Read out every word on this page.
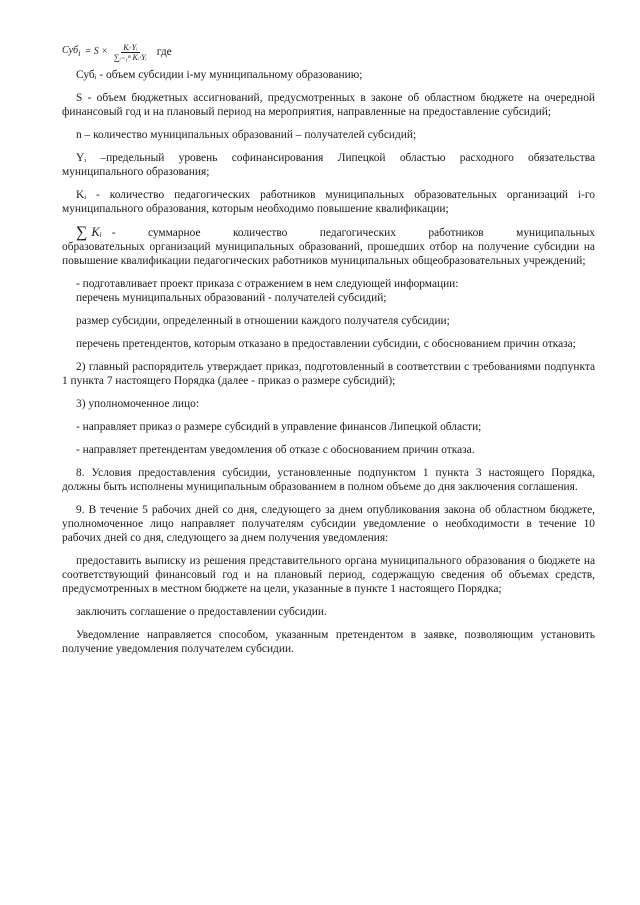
$Суб_i = S \times \frac{\text{Kᵢ·Yᵢ}}{\text{∑ᵢ₌₁ⁿ Kᵢ·Yᵢ}}$ где

Субᵢ - объем субсидии i-му муниципальному образованию;

S - объем бюджетных ассигнований, предусмотренных в законе об областном бюджете на очередной финансовый год и на плановый период на мероприятия, направленные на предоставление субсидий;

n – количество муниципальных образований – получателей субсидий;

Yᵢ –предельный уровень софинансирования Липецкой областью расходного обязательства муниципального образования;

Kᵢ - количество педагогических работников муниципальных образовательных организаций i-го муниципального образования, которым необходимо повышение квалификации;

∑ Kᵢ - суммарное количество педагогических работников муниципальных

образовательных организаций муниципальных образований, прошедших отбор на получение субсидии на повышение квалификации педагогических работников муниципальных общеобразовательных учреждений;

- подготавливает проект приказа с отражением в нем следующей информации:

перечень муниципальных образований - получателей субсидий;

размер субсидии, определенный в отношении каждого получателя субсидии;

перечень претендентов, которым отказано в предоставлении субсидии, с обоснованием причин отказа;

2) главный распорядитель утверждает приказ, подготовленный в соответствии с требованиями подпункта 1 пункта 7 настоящего Порядка (далее - приказ о размере субсидий);

3) уполномоченное лицо:

- направляет приказ о размере субсидий в управление финансов Липецкой области;

- направляет претендентам уведомления об отказе с обоснованием причин отказа.

8. Условия предоставления субсидии, установленные подпунктом 1 пункта 3 настоящего Порядка, должны быть исполнены муниципальным образованием в полном объеме до дня заключения соглашения.

9. В течение 5 рабочих дней со дня, следующего за днем опубликования закона об областном бюджете, уполномоченное лицо направляет получателям субсидии уведомление о необходимости в течение 10 рабочих дней со дня, следующего за днем получения уведомления:

предоставить выписку из решения представительного органа муниципального образования о бюджете на соответствующий финансовый год и на плановый период, содержащую сведения об объемах средств, предусмотренных в местном бюджете на цели, указанные в пункте 1 настоящего Порядка;

заключить соглашение о предоставлении субсидии.

Уведомление направляется способом, указанным претендентом в заявке, позволяющим установить получение уведомления получателем субсидии.
